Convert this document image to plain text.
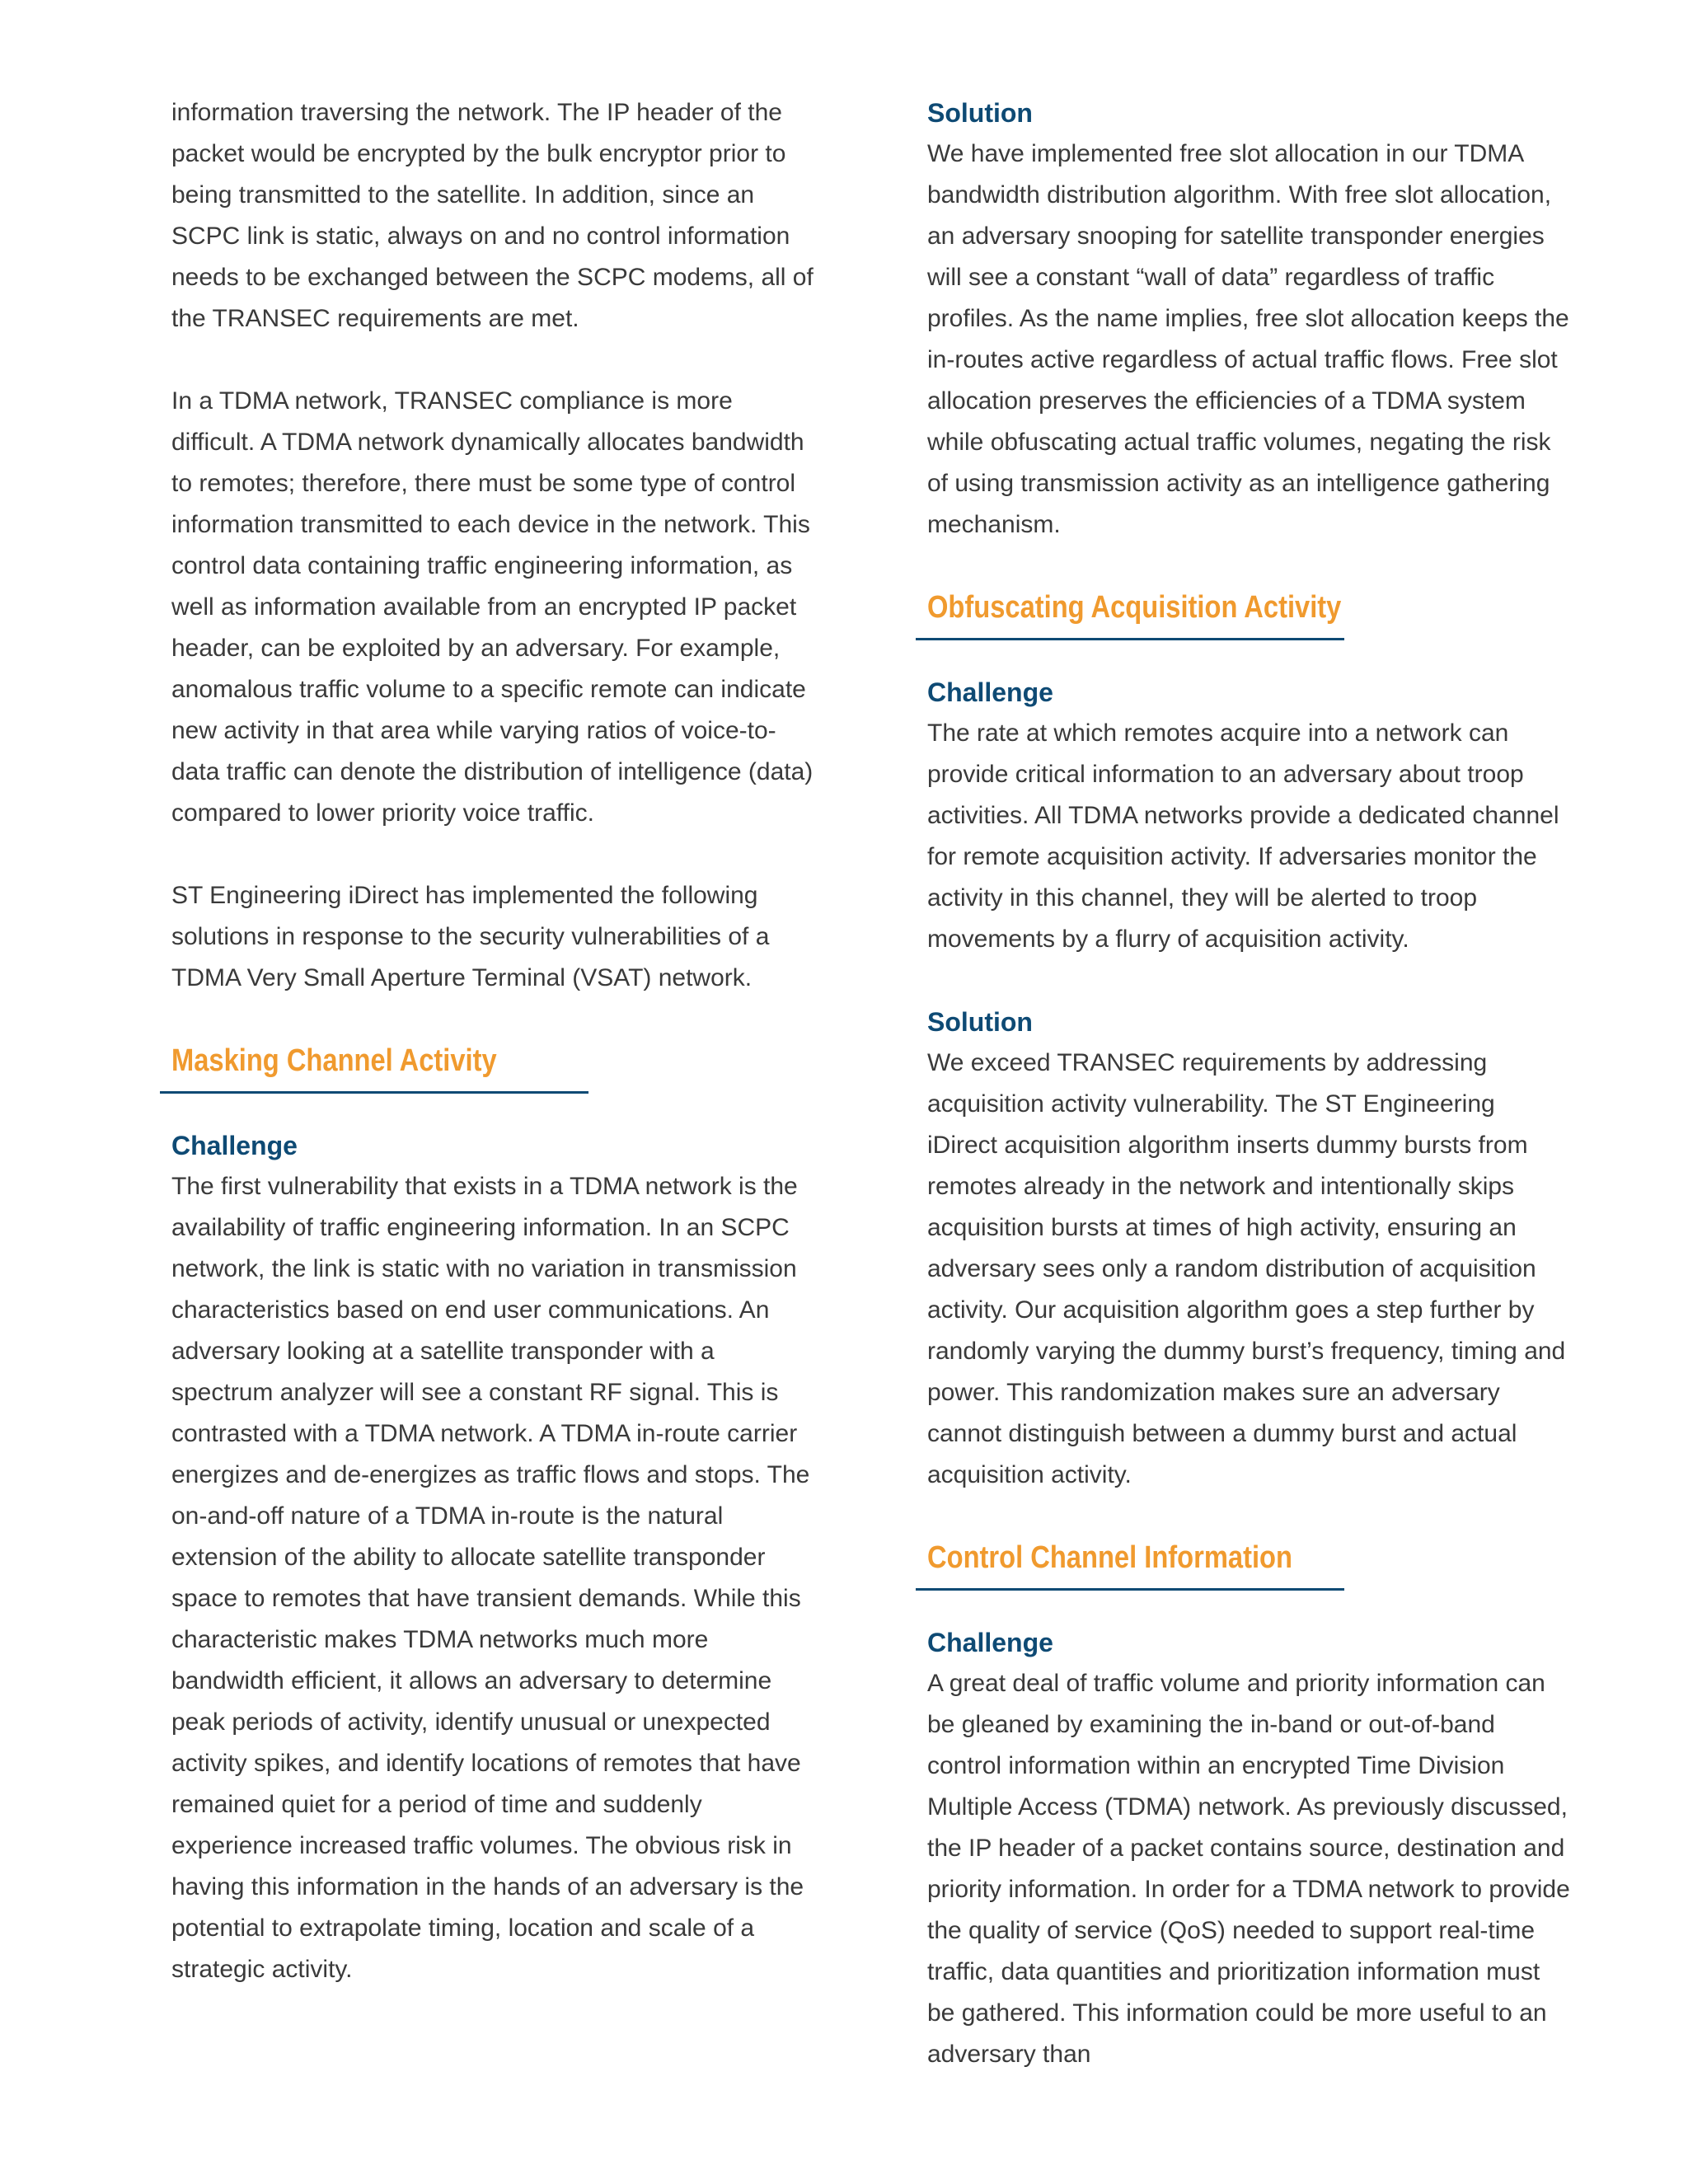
information traversing the network. The IP header of the packet would be encrypted by the bulk encryptor prior to being transmitted to the satellite. In addition, since an SCPC link is static, always on and no control information needs to be exchanged between the SCPC modems, all of the TRANSEC requirements are met.

In a TDMA network, TRANSEC compliance is more difficult. A TDMA network dynamically allocates bandwidth to remotes; therefore, there must be some type of control information transmitted to each device in the network. This control data containing traffic engineering information, as well as information available from an encrypted IP packet header, can be exploited by an adversary. For example, anomalous traffic volume to a specific remote can indicate new activity in that area while varying ratios of voice-to-data traffic can denote the distribution of intelligence (data) compared to lower priority voice traffic.

ST Engineering iDirect has implemented the following solutions in response to the security vulnerabilities of a TDMA Very Small Aperture Terminal (VSAT) network.

Masking Channel Activity
Challenge

The first vulnerability that exists in a TDMA network is the availability of traffic engineering information. In an SCPC network, the link is static with no variation in transmission characteristics based on end user communications. An adversary looking at a satellite transponder with a spectrum analyzer will see a constant RF signal. This is contrasted with a TDMA network. A TDMA in-route carrier energizes and de-energizes as traffic flows and stops. The on-and-off nature of a TDMA in-route is the natural extension of the ability to allocate satellite transponder space to remotes that have transient demands. While this characteristic makes TDMA networks much more bandwidth efficient, it allows an adversary to determine peak periods of activity, identify unusual or unexpected activity spikes, and identify locations of remotes that have remained quiet for a period of time and suddenly experience increased traffic volumes. The obvious risk in having this information in the hands of an adversary is the potential to extrapolate timing, location and scale of a strategic activity.

Solution

We have implemented free slot allocation in our TDMA bandwidth distribution algorithm. With free slot allocation, an adversary snooping for satellite transponder energies will see a constant “wall of data” regardless of traffic profiles. As the name implies, free slot allocation keeps the in-routes active regardless of actual traffic flows. Free slot allocation preserves the efficiencies of a TDMA system while obfuscating actual traffic volumes, negating the risk of using transmission activity as an intelligence gathering mechanism.

Obfuscating Acquisition Activity
Challenge

The rate at which remotes acquire into a network can provide critical information to an adversary about troop activities. All TDMA networks provide a dedicated channel for remote acquisition activity. If adversaries monitor the activity in this channel, they will be alerted to troop movements by a flurry of acquisition activity.

Solution

We exceed TRANSEC requirements by addressing acquisition activity vulnerability. The ST Engineering iDirect acquisition algorithm inserts dummy bursts from remotes already in the network and intentionally skips acquisition bursts at times of high activity, ensuring an adversary sees only a random distribution of acquisition activity. Our acquisition algorithm goes a step further by randomly varying the dummy burst’s frequency, timing and power. This randomization makes sure an adversary cannot distinguish between a dummy burst and actual acquisition activity.

Control Channel Information
Challenge

A great deal of traffic volume and priority information can be gleaned by examining the in-band or out-of-band control information within an encrypted Time Division Multiple Access (TDMA) network. As previously discussed, the IP header of a packet contains source, destination and priority information. In order for a TDMA network to provide the quality of service (QoS) needed to support real-time traffic, data quantities and prioritization information must be gathered. This information could be more useful to an adversary than
